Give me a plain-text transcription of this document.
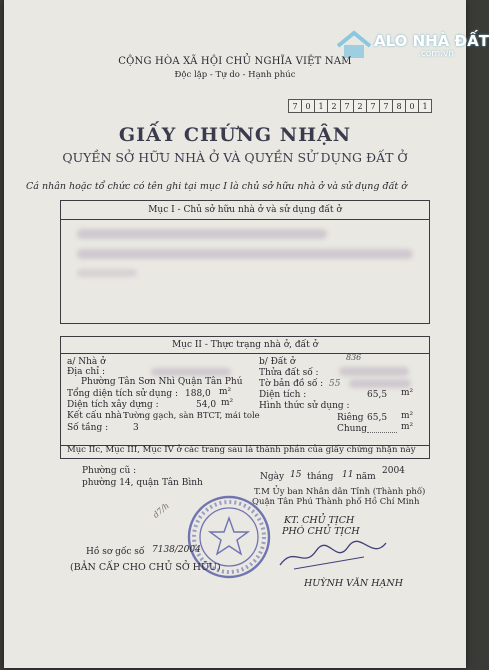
ALO NHÀ ĐẤT
.com.vn
CỘNG HÒA XÃ HỘI CHỦ NGHĨA VIỆT NAM
Độc lập - Tự do - Hạnh phúc
7 0 1 2 7 2 7 7 8 0 1
GIẤY CHỨNG NHẬN
QUYỀN SỞ HỮU NHÀ Ở VÀ QUYỀN SỬ DỤNG ĐẤT Ở
Cá nhân hoặc tổ chức có tên ghi tại mục I là chủ sở hữu nhà ở và sử dụng đất ở
Mục I - Chủ sở hữu nhà ở và sử dụng đất ở
Mục II - Thực trạng nhà ở, đất ở
a/ Nhà ở
Địa chỉ :
Phường Tân Sơn Nhì Quận Tân Phú
Tổng diện tích sử dụng : 188,0 m²
Diện tích xây dựng :	54,0 m²
Kết cấu nhà :
Tường gạch, sàn BTCT, mái tole
Số tầng :	3
b/ Đất ở	836
Thửa đất số :
Tờ bản đồ số : 55
Diện tích :	65,5 m²
Hình thức sử dụng :
Riêng 65,5 m²
Chung	m²
Mục IIc, Mục III, Mục IV ở các trang sau là thành phần của giấy chứng nhận này
Phường cũ :
phường 14, quận Tân Bình
Ngày 15 tháng 11 năm
2004
T.M Ủy ban Nhân dân Tỉnh (Thành phố)
Quận Tân Phú Thành phố Hồ Chí Minh
KT. CHỦ TỊCH
PHÓ CHỦ TỊCH
HUỲNH VĂN HẠNH
d7/h
Hồ sơ gốc số 7138/2004
(BẢN CẤP CHO CHỦ SỞ HỮU)
